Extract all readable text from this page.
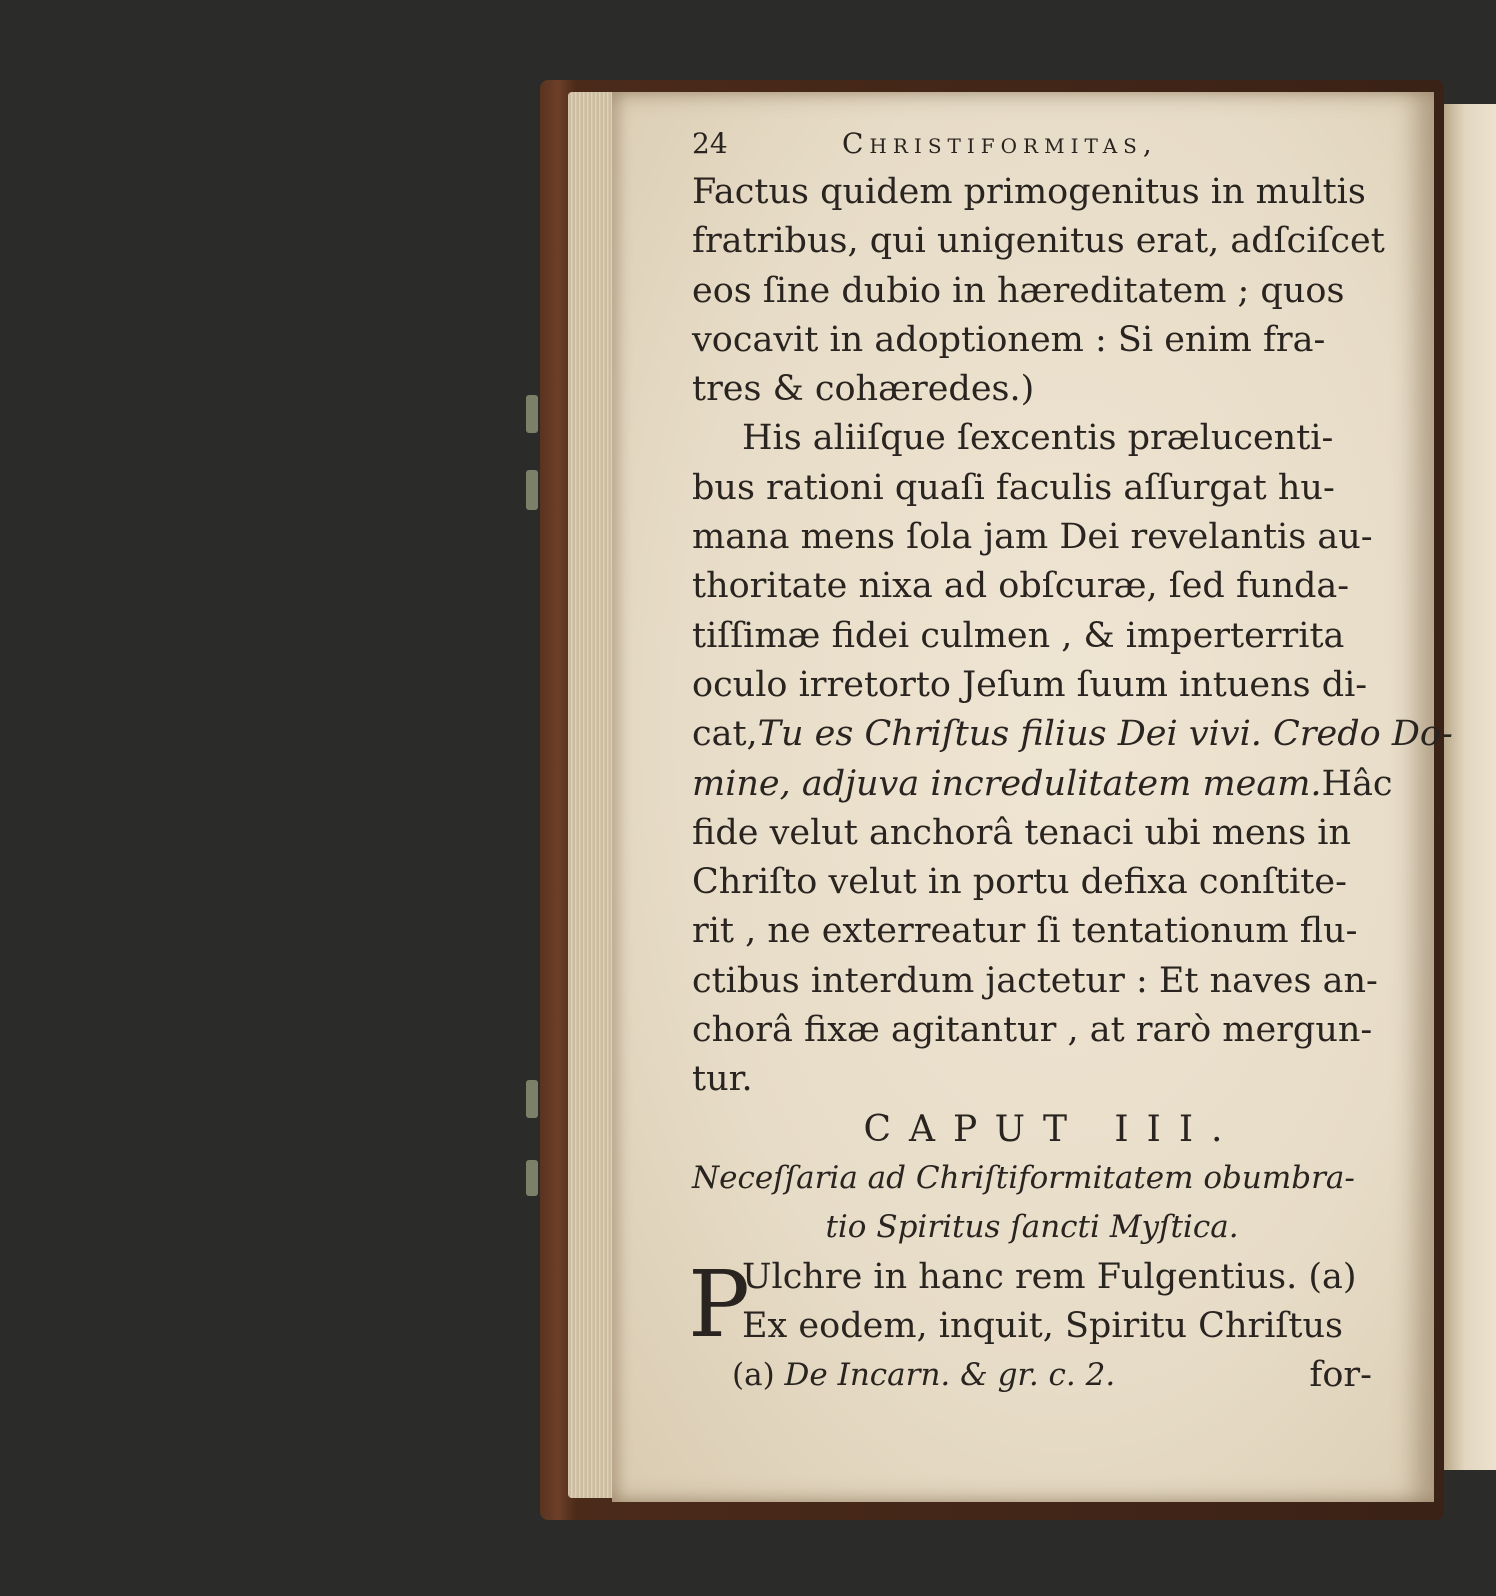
24	Christiformitas,
Factus quidem primogenitus in multis
fratribus, qui unigenitus erat, adſciſcet
eos ſine dubio in hæreditatem ; quos
vocavit in adoptionem : Si enim fra-
tres & cohæredes.)
His aliiſque ſexcentis prælucenti-
bus rationi quaſi faculis aſſurgat hu-
mana mens ſola jam Dei revelantis au-
thoritate nixa ad obſcuræ, ſed funda-
tiſſimæ fidei culmen , & imperterrita
oculo irretorto Jeſum ſuum intuens di-
cat, Tu es Chriſtus filius Dei vivi. Credo Do-
mine, adjuva incredulitatem meam. Hâc
fide velut anchorâ tenaci ubi mens in
Chriſto velut in portu defixa conſtite-
rit , ne exterreatur ſi tentationum flu-
ctibus interdum jactetur : Et naves an-
chorâ fixæ agitantur , at rarò mergun-
tur.
CAPUT III.
Neceſſaria ad Chriſtiformitatem obumbra-
tio Spiritus ſancti Myſtica.
P
Ulchre in hanc rem Fulgentius. (a)
Ex eodem, inquit, Spiritu Chriſtus
(a) De Incarn. & gr. c. 2.	for-
